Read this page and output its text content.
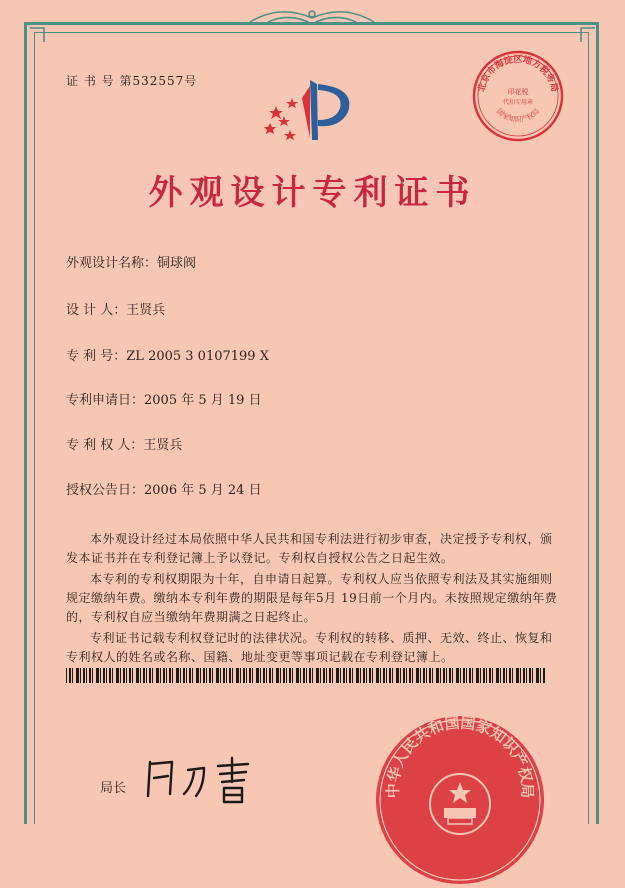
证 书 号 第532557号
外观设计专利证书
外观设计名称：铜球阀
设 计 人：王贤兵
专 利 号：ZL 2005 3 0107199 X
专利申请日：2005 年 5 月 19 日
专 利 权 人：王贤兵
授权公告日：2006 年 5 月 24 日

本外观设计经过本局依照中华人民共和国专利法进行初步审查，决定授予专利权，颁发本证书并在专利登记簿上予以登记。专利权自授权公告之日起生效。

本专利的专利权期限为十年，自申请日起算。专利权人应当依照专利法及其实施细则规定缴纳年费。缴纳本专利年费的期限是每年5月 19日前一个月内。未按照规定缴纳年费的，专利权自应当缴纳年费期满之日起终止。

专利证书记载专利权登记时的法律状况。专利权的转移、质押、无效、终止、恢复和专利权人的姓名或名称、国籍、地址变更等事项记载在专利登记簿上。

北京市海淀区地方税务局
印花税
代扣专用章
国家知识产权局
中华人民共和国国家知识产权局
局长
